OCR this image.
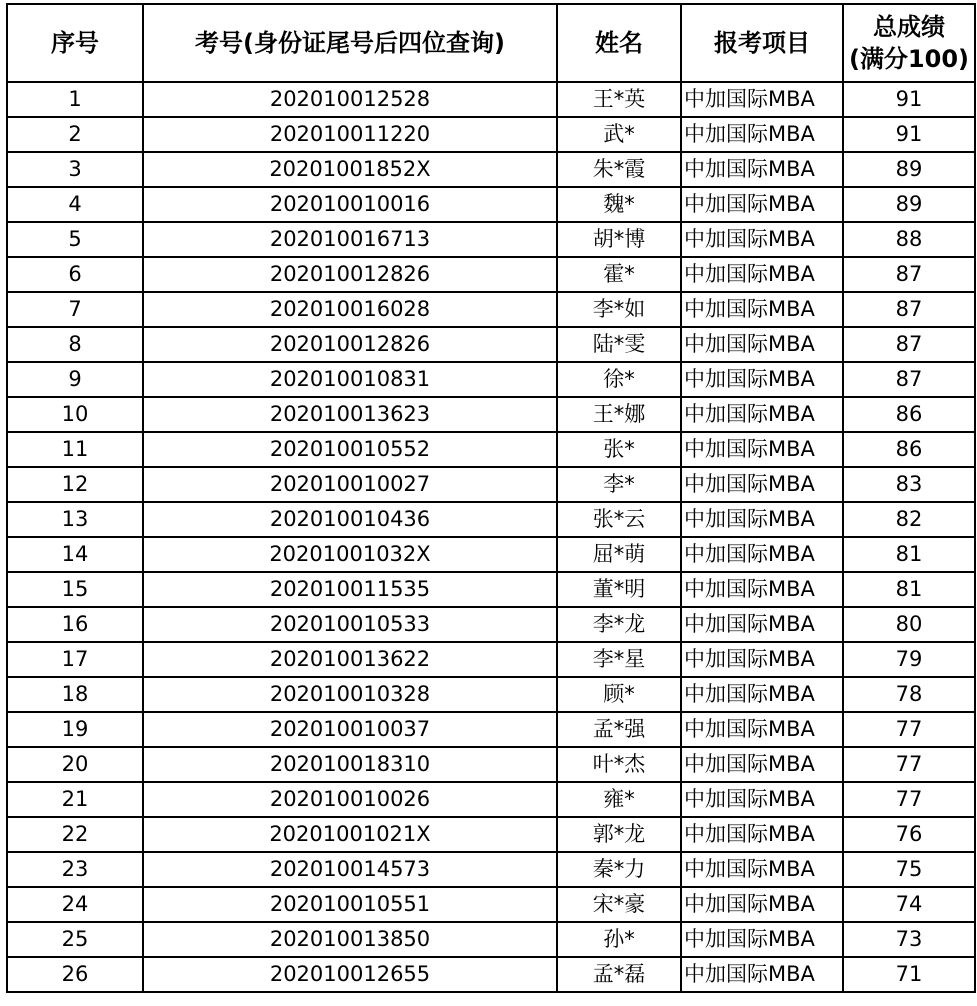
序号	考号(身份证尾号后四位查询)	姓名	报考项目	总成绩
(满分100)

1	202010012528	王*英	中加国际MBA	91
2	202010011220	武*	中加国际MBA	91
3	20201001852X	朱*霞	中加国际MBA	89
4	202010010016	魏*	中加国际MBA	89
5	202010016713	胡*博	中加国际MBA	88
6	202010012826	霍*	中加国际MBA	87
7	202010016028	李*如	中加国际MBA	87
8	202010012826	陆*雯	中加国际MBA	87
9	202010010831	徐*	中加国际MBA	87
10	202010013623	王*娜	中加国际MBA	86
11	202010010552	张*	中加国际MBA	86
12	202010010027	李*	中加国际MBA	83
13	202010010436	张*云	中加国际MBA	82
14	20201001032X	屈*萌	中加国际MBA	81
15	202010011535	董*明	中加国际MBA	81
16	202010010533	李*龙	中加国际MBA	80
17	202010013622	李*星	中加国际MBA	79
18	202010010328	顾*	中加国际MBA	78
19	202010010037	孟*强	中加国际MBA	77
20	202010018310	叶*杰	中加国际MBA	77
21	202010010026	雍*	中加国际MBA	77
22	20201001021X	郭*龙	中加国际MBA	76
23	202010014573	秦*力	中加国际MBA	75
24	202010010551	宋*豪	中加国际MBA	74
25	202010013850	孙*	中加国际MBA	73
26	202010012655	孟*磊	中加国际MBA	71
